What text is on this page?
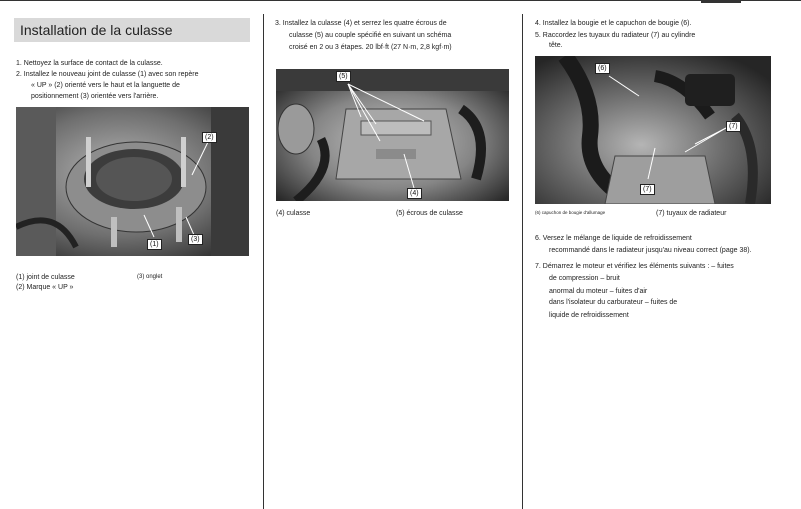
Installation de la culasse
1. Nettoyez la surface de contact de la culasse.
2. Installez le nouveau joint de culasse (1) avec son repère
« UP » (2) orienté vers le haut et la languette de
positionnement (3) orientée vers l'arrière.
(2)
(3)
(1)
(1) joint de culasse
(2) Marque « UP »
(3) onglet
3. Installez la culasse (4) et serrez les quatre écrous de
culasse (5) au couple spécifié en suivant un schéma
croisé en 2 ou 3 étapes. 20 lbf·ft (27 N·m, 2,8 kgf·m)
(5)
(4)
(4) culasse	(5) écrous de culasse
4. Installez la bougie et le capuchon de bougie (6).
5. Raccordez les tuyaux du radiateur (7) au cylindre
tête.
(6)
(7)
(7)
(6) capuchon de bougie d'allumage	(7) tuyaux de radiateur
6. Versez le mélange de liquide de refroidissement
recommandé dans le radiateur jusqu'au niveau correct (page 38).
7. Démarrez le moteur et vérifiez les éléments suivants : – fuites
de compression – bruit
anormal du moteur – fuites d'air
dans l'isolateur du carburateur – fuites de
liquide de refroidissement
